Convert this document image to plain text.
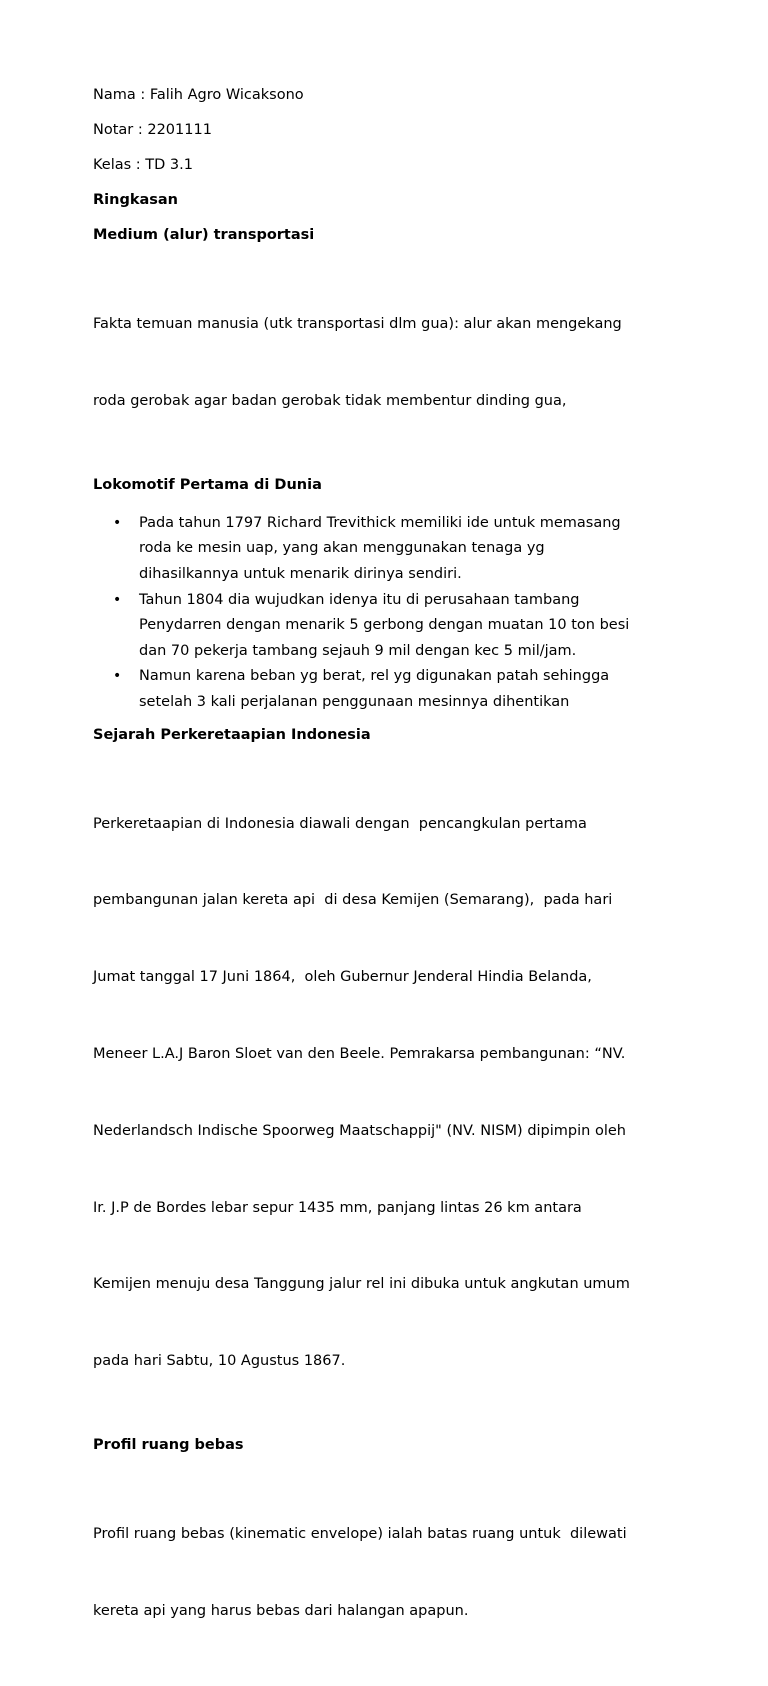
Nama : Falih Agro Wicaksono
Notar : 2201111
Kelas : TD 3.1
Ringkasan
Medium (alur) transportasi

Fakta temuan manusia (utk transportasi dlm gua): alur akan mengekang

roda gerobak agar badan gerobak tidak membentur dinding gua,

Lokomotif Pertama di Dunia
• Pada tahun 1797 Richard Trevithick memiliki ide untuk memasang
roda ke mesin uap, yang akan menggunakan tenaga yg
dihasilkannya untuk menarik dirinya sendiri.
• Tahun 1804 dia wujudkan idenya itu di perusahaan tambang
Penydarren dengan menarik 5 gerbong dengan muatan 10 ton besi
dan 70 pekerja tambang sejauh 9 mil dengan kec 5 mil/jam.
• Namun karena beban yg berat, rel yg digunakan patah sehingga
setelah 3 kali perjalanan penggunaan mesinnya dihentikan
Sejarah Perkeretaapian Indonesia

Perkeretaapian di Indonesia diawali dengan  pencangkulan pertama

pembangunan jalan kereta api  di desa Kemijen (Semarang),  pada hari

Jumat tanggal 17 Juni 1864,  oleh Gubernur Jenderal Hindia Belanda,

Meneer L.A.J Baron Sloet van den Beele. Pemrakarsa pembangunan: “NV.

Nederlandsch Indische Spoorweg Maatschappij" (NV. NISM) dipimpin oleh

Ir. J.P de Bordes lebar sepur 1435 mm, panjang lintas 26 km antara

Kemijen menuju desa Tanggung jalur rel ini dibuka untuk angkutan umum

pada hari Sabtu, 10 Agustus 1867.

Profil ruang bebas

Profil ruang bebas (kinematic envelope) ialah batas ruang untuk  dilewati

kereta api yang harus bebas dari halangan apapun.
